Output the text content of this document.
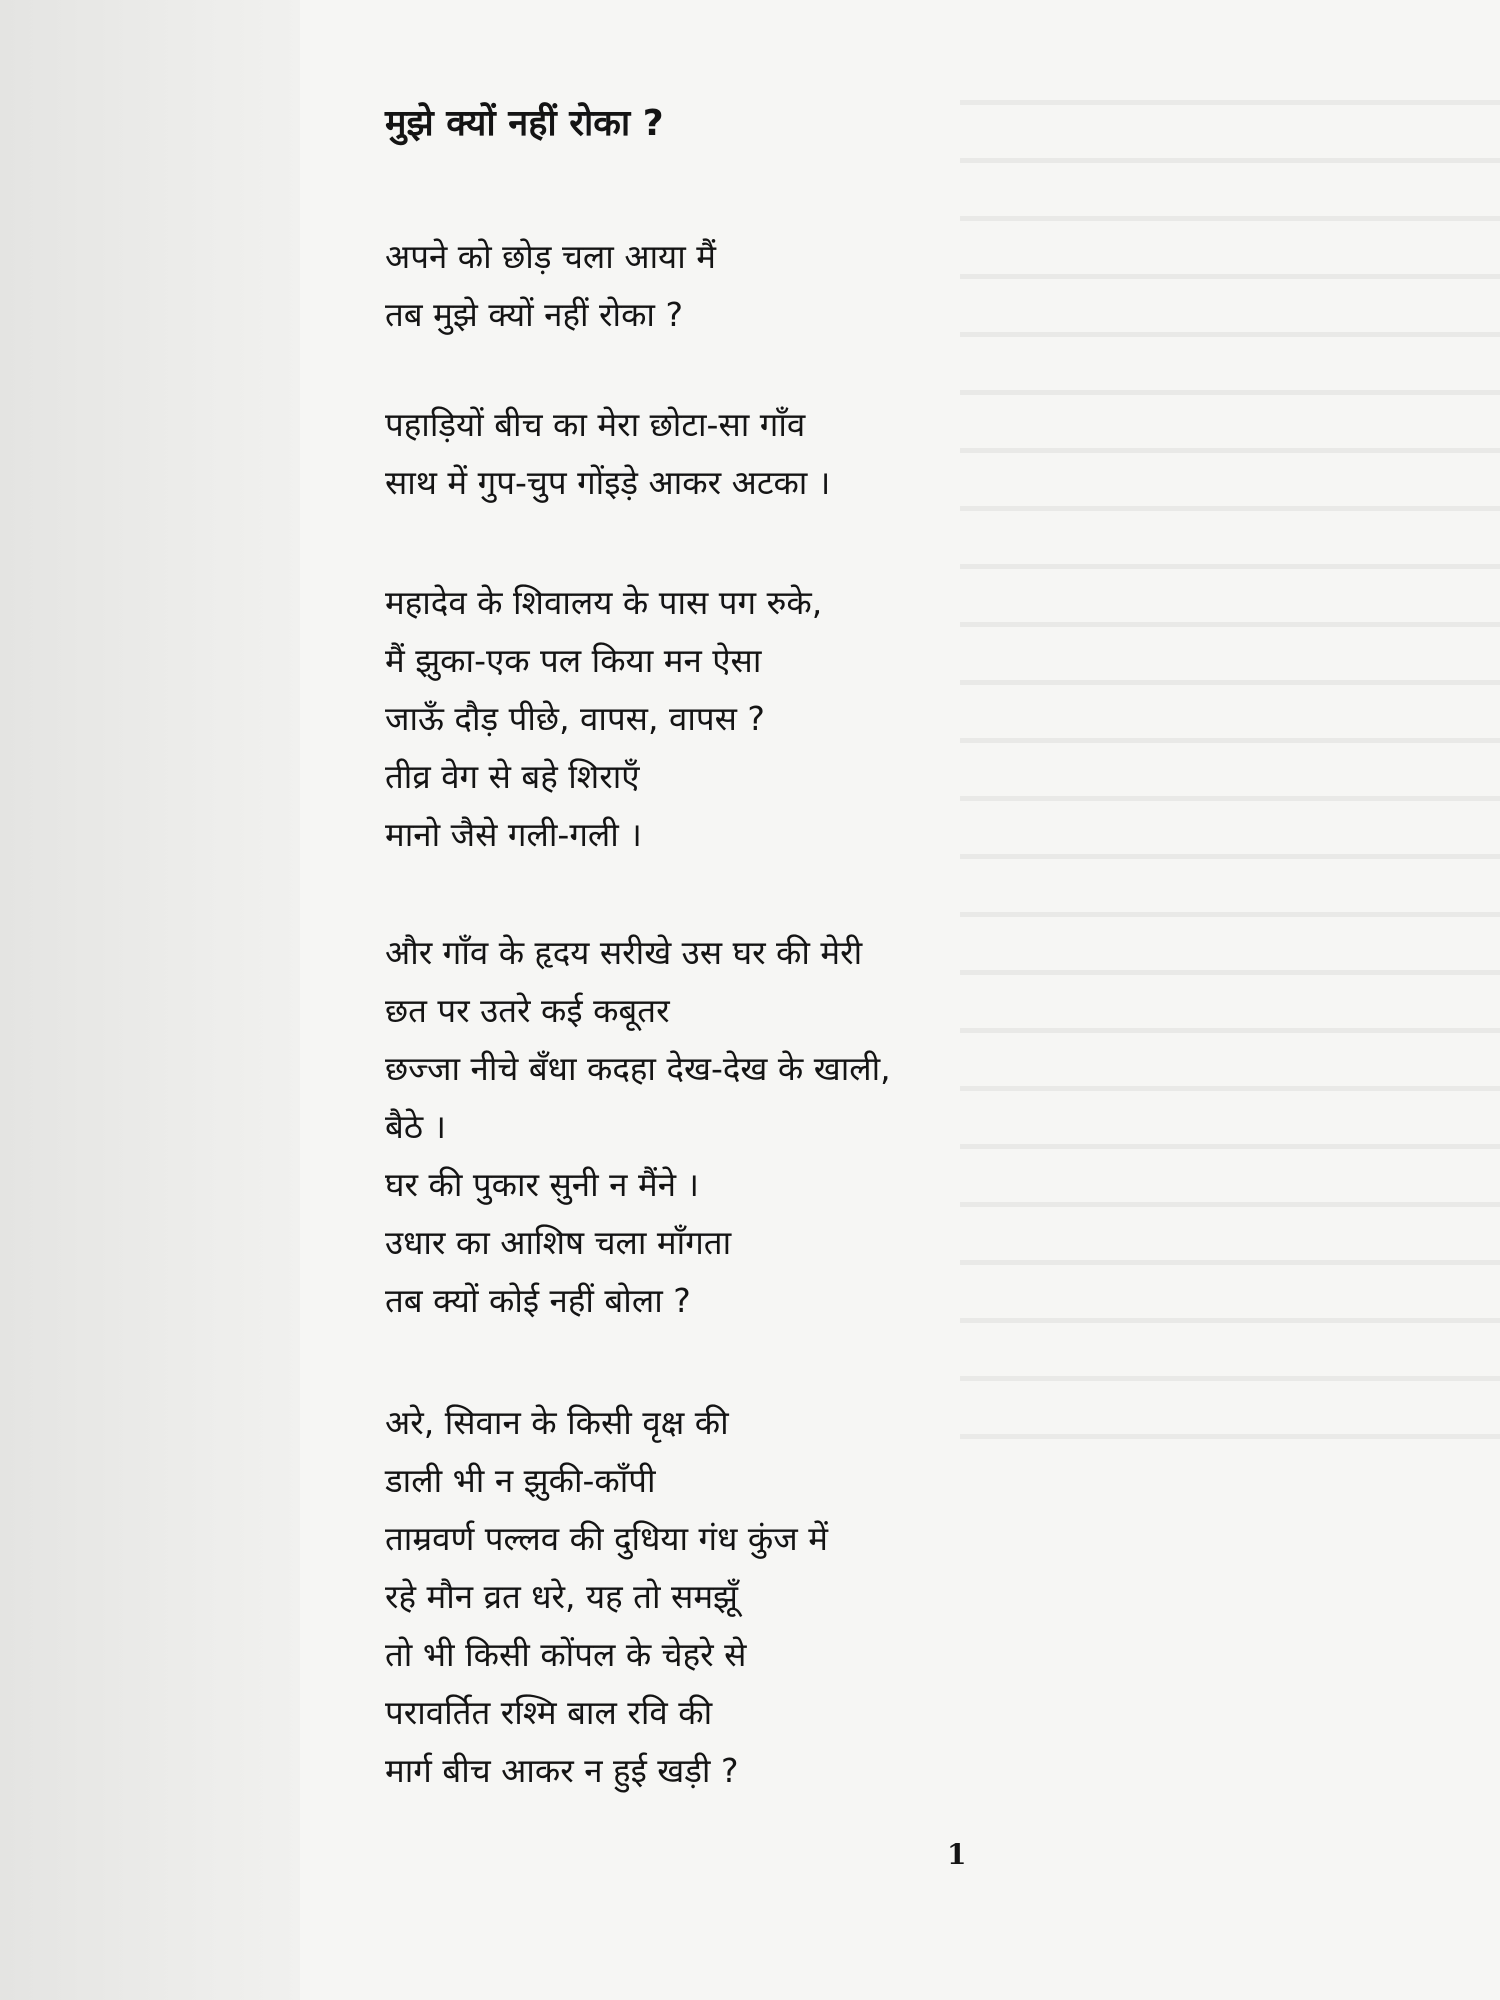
मुझे क्यों नहीं रोका ?
अपने को छोड़ चला आया मैं
तब मुझे क्यों नहीं रोका ?
पहाड़ियों बीच का मेरा छोटा-सा गाँव
साथ में गुप-चुप गोंइड़े आकर अटका ।
महादेव के शिवालय के पास पग रुके,
मैं झुका-एक पल किया मन ऐसा
जाऊँ दौड़ पीछे, वापस, वापस ?
तीव्र वेग से बहे शिराएँ
मानो जैसे गली-गली ।
और गाँव के हृदय सरीखे उस घर की मेरी
छत पर उतरे कई कबूतर
छज्जा नीचे बँधा कदहा देख-देख के खाली,
बैठे ।
घर की पुकार सुनी न मैंने ।
उधार का आशिष चला माँगता
तब क्यों कोई नहीं बोला ?
अरे, सिवान के किसी वृक्ष की
डाली भी न झुकी-काँपी
ताम्रवर्ण पल्लव की दुधिया गंध कुंज में
रहे मौन व्रत धरे, यह तो समझूँ
तो भी किसी कोंपल के चेहरे से
परावर्तित रश्मि बाल रवि की
मार्ग बीच आकर न हुई खड़ी ?
1
